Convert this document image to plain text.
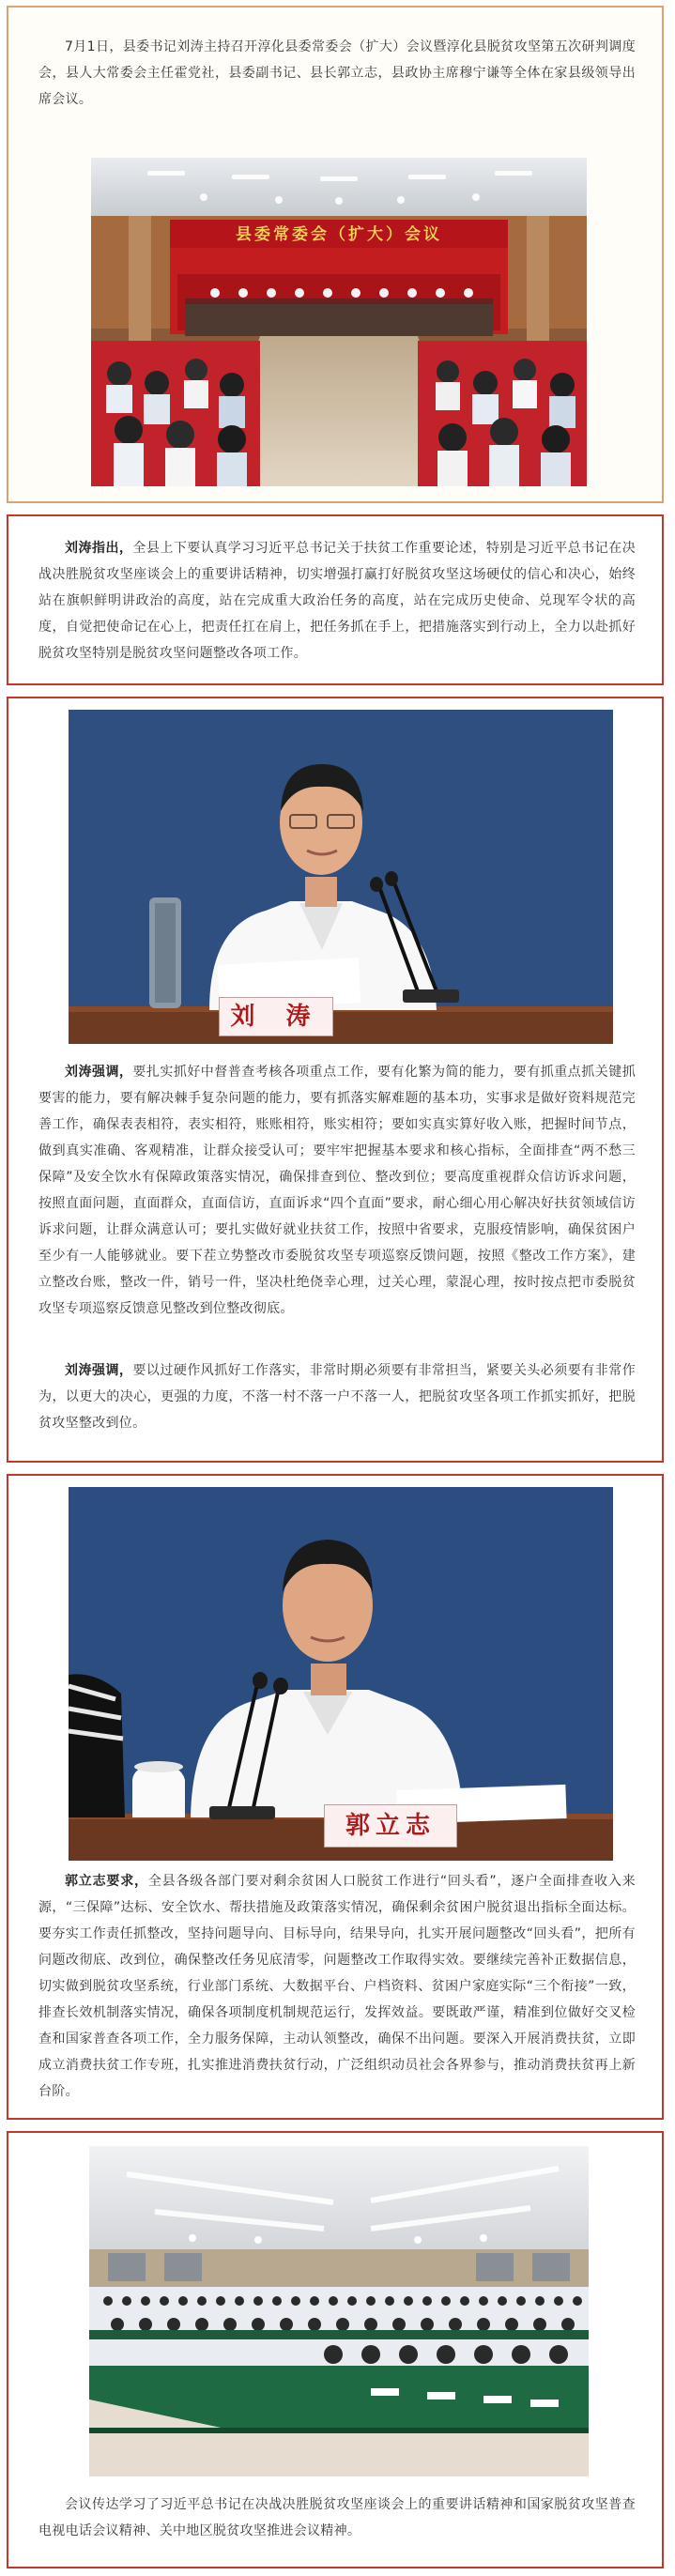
7月1日，县委书记刘涛主持召开淳化县委常委会（扩大）会议暨淳化县脱贫攻坚第五次研判调度会，县人大常委会主任霍党社，县委副书记、县长郭立志，县政协主席穆宁谦等全体在家县级领导出席会议。

县委常委会（扩大）会议

刘涛指出，全县上下要认真学习习近平总书记关于扶贫工作重要论述，特别是习近平总书记在决战决胜脱贫攻坚座谈会上的重要讲话精神，切实增强打赢打好脱贫攻坚这场硬仗的信心和决心，始终站在旗帜鲜明讲政治的高度，站在完成重大政治任务的高度，站在完成历史使命、兑现军令状的高度，自觉把使命记在心上，把责任扛在肩上，把任务抓在手上，把措施落实到行动上，全力以赴抓好脱贫攻坚特别是脱贫攻坚问题整改各项工作。

刘 涛

刘涛强调，要扎实抓好中督普查考核各项重点工作，要有化繁为简的能力，要有抓重点抓关键抓要害的能力，要有解决棘手复杂问题的能力，要有抓落实解难题的基本功，实事求是做好资料规范完善工作，确保表表相符，表实相符，账账相符，账实相符；要如实真实算好收入账，把握时间节点，做到真实准确、客观精准，让群众接受认可；要牢牢把握基本要求和核心指标，全面排查“两不愁三保障”及安全饮水有保障政策落实情况，确保排查到位、整改到位；要高度重视群众信访诉求问题，按照直面问题，直面群众，直面信访，直面诉求“四个直面”要求，耐心细心用心解决好扶贫领域信访诉求问题，让群众满意认可；要扎实做好就业扶贫工作，按照中省要求，克服疫情影响，确保贫困户至少有一人能够就业。要下茬立势整改市委脱贫攻坚专项巡察反馈问题，按照《整改工作方案》，建立整改台账，整改一件，销号一件，坚决杜绝侥幸心理，过关心理，蒙混心理，按时按点把市委脱贫攻坚专项巡察反馈意见整改到位整改彻底。

刘涛强调，要以过硬作风抓好工作落实，非常时期必须要有非常担当，紧要关头必须要有非常作为，以更大的决心，更强的力度，不落一村不落一户不落一人，把脱贫攻坚各项工作抓实抓好，把脱贫攻坚整改到位。

郭立志

郭立志要求，全县各级各部门要对剩余贫困人口脱贫工作进行“回头看”，逐户全面排查收入来源，“三保障”达标、安全饮水、帮扶措施及政策落实情况，确保剩余贫困户脱贫退出指标全面达标。要夯实工作责任抓整改，坚持问题导向、目标导向，结果导向，扎实开展问题整改“回头看”，把所有问题改彻底、改到位，确保整改任务见底清零，问题整改工作取得实效。要继续完善补正数据信息，切实做到脱贫攻坚系统，行业部门系统、大数据平台、户档资料、贫困户家庭实际“三个衔接”一致，排查长效机制落实情况，确保各项制度机制规范运行，发挥效益。要既敢严谨，精准到位做好交叉检查和国家普查各项工作，全力服务保障，主动认领整改，确保不出问题。要深入开展消费扶贫，立即成立消费扶贫工作专班，扎实推进消费扶贫行动，广泛组织动员社会各界参与，推动消费扶贫再上新台阶。

会议传达学习了习近平总书记在决战决胜脱贫攻坚座谈会上的重要讲话精神和国家脱贫攻坚普查电视电话会议精神、关中地区脱贫攻坚推进会议精神。
